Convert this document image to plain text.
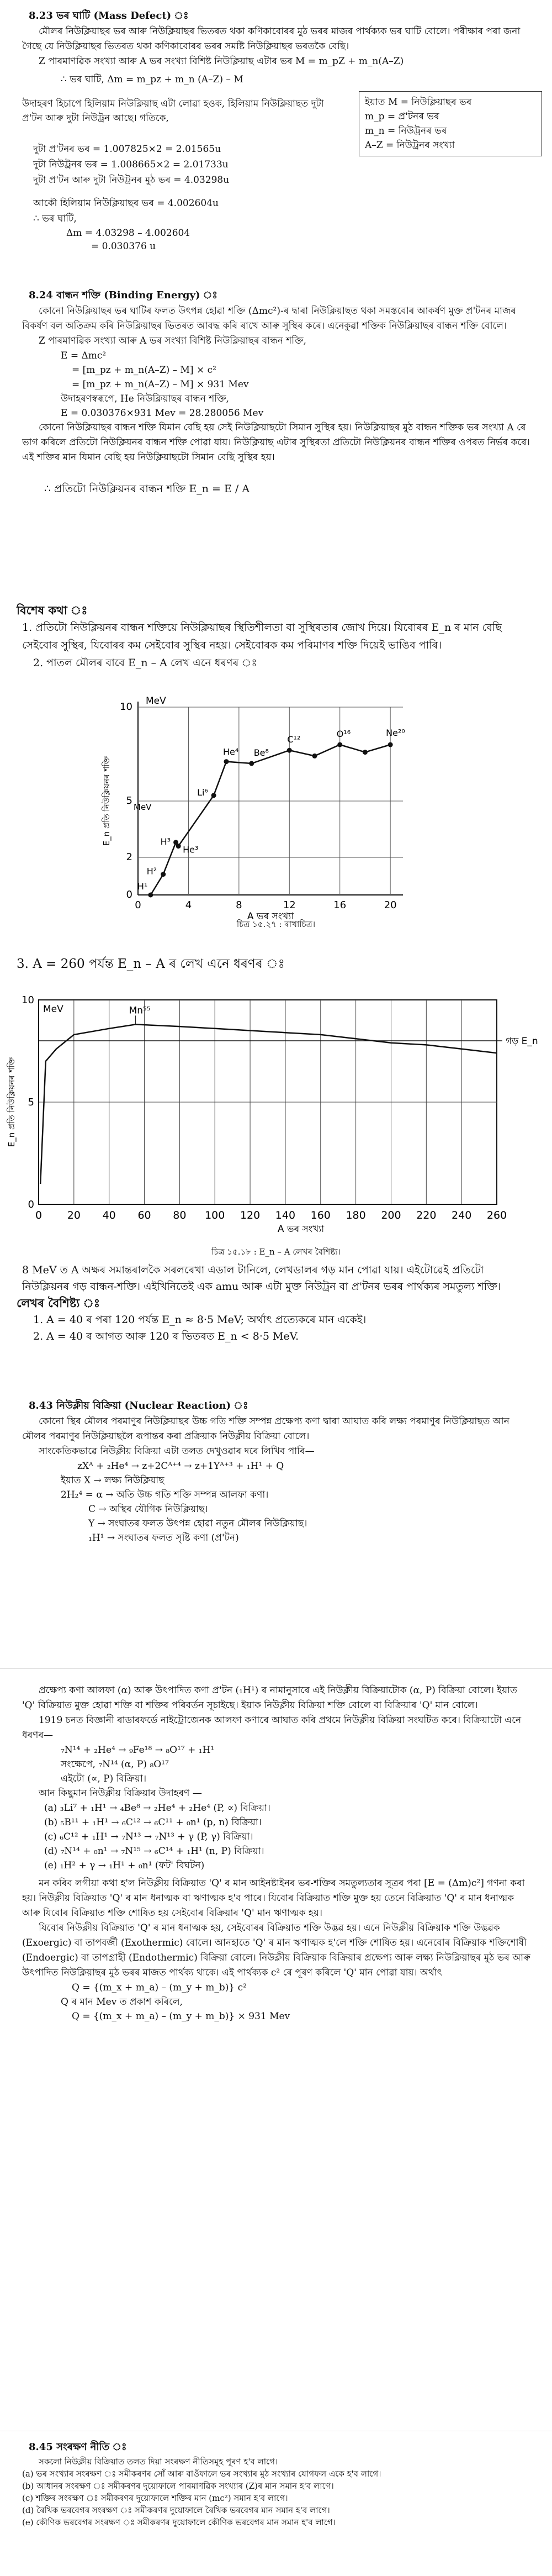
8.23 ভৰ ঘাটি (Mass Defect) ঃ

মৌলৰ নিউক্লিয়াছৰ ভৰ আৰু নিউক্লিয়াছৰ ভিতৰত থকা কণিকাবোৰৰ মুঠ ভৰৰ মাজৰ পাৰ্থক্যক ভৰ ঘাটি বোলে। পৰীক্ষাৰ পৰা জনা গৈছে যে নিউক্লিয়াছৰ ভিতৰত থকা কণিকাবোৰৰ ভৰৰ সমষ্টি নিউক্লিয়াছৰ ভৰতকৈ বেছি।

Z পাৰমাণৱিক সংখ্যা আৰু A ভৰ সংখ্যা বিশিষ্ট নিউক্লিয়াছ এটাৰ ভৰ M = m_pZ + m_n(A–Z)

∴ ভৰ ঘাটি, Δm = m_pz + m_n (A–Z) – M

ইয়াত M = নিউক্লিয়াছৰ ভৰ
m_p = প্ৰ'টনৰ ভৰ
m_n = নিউট্ৰনৰ ভৰ
A–Z = নিউট্ৰনৰ সংখ্যা

উদাহৰণ হিচাপে হিলিয়াম নিউক্লিয়াছ এটা লোৱা হওক, হিলিয়াম নিউক্লিয়াছত দুটা প্ৰ'টন আৰু দুটা নিউট্ৰন আছে। গতিকে,

দুটা প্ৰ'টনৰ ভৰ = 1.007825×2 = 2.01565u

দুটা নিউট্ৰনৰ ভৰ = 1.008665×2 = 2.01733u

দুটা প্ৰ'টন আৰু দুটা নিউট্ৰনৰ মুঠ ভৰ = 4.03298u

আকৌ হিলিয়াম নিউক্লিয়াছৰ ভৰ = 4.002604u

∴ ভৰ ঘাটি,

Δm = 4.03298 – 4.002604

= 0.030376 u

8.24 বান্ধন শক্তি (Binding Energy) ঃ

কোনো নিউক্লিয়াছৰ ভৰ ঘাটিৰ ফলত উৎপন্ন হোৱা শক্তি (Δmc²)-ৰ দ্বাৰা নিউক্লিয়াছত থকা সমস্তবোৰ আকৰ্ষণ মুক্ত প্ৰ'টনৰ মাজৰ বিকৰ্ষণ বল অতিক্ৰম কৰি নিউক্লিয়াছৰ ভিতৰত আবদ্ধ কৰি ৰাখে আৰু সুস্থিৰ কৰে। এনেকুৱা শক্তিক নিউক্লিয়াছৰ বান্ধন শক্তি বোলে।

Z পাৰমাণৱিক সংখ্যা আৰু A ভৰ সংখ্যা বিশিষ্ট নিউক্লিয়াছৰ বান্ধন শক্তি,

E = Δmc²

= [m_pz + m_n(A–Z) – M] × c²

= [m_pz + m_n(A–Z) – M] × 931 Mev

উদাহৰণস্বৰূপে, He নিউক্লিয়াছৰ বান্ধন শক্তি,

E = 0.030376×931 Mev = 28.280056 Mev

কোনো নিউক্লিয়াছৰ বান্ধন শক্তি যিমান বেছি হয় সেই নিউক্লিয়াছটো সিমান সুস্থিৰ হয়। নিউক্লিয়াছৰ মুঠ বান্ধন শক্তিক ভৰ সংখ্যা A ৰে ভাগ কৰিলে প্ৰতিটো নিউক্লিয়নৰ বান্ধন শক্তি পোৱা যায়। নিউক্লিয়াছ এটাৰ সুস্থিৰতা প্ৰতিটো নিউক্লিয়নৰ বান্ধন শক্তিৰ ওপৰত নিৰ্ভৰ কৰে। এই শক্তিৰ মান যিমান বেছি হয় নিউক্লিয়াছটো সিমান বেছি সুস্থিৰ হয়।

∴ প্ৰতিটো নিউক্লিয়নৰ বান্ধন শক্তি E_n = E / A

বিশেষ কথা ঃ

1. প্ৰতিটো নিউক্লিয়নৰ বান্ধন শক্তিয়ে নিউক্লিয়াছৰ স্থিতিশীলতা বা সুস্থিৰতাৰ জোখ দিয়ে। যিবোৰৰ E_n ৰ মান বেছি সেইবোৰ সুস্থিৰ, যিবোৰৰ কম সেইবোৰ সুস্থিৰ নহয়। সেইবোৰক কম পৰিমাণৰ শক্তি দিয়েই ভাঙিব পাৰি।

2. পাতল মৌলৰ বাবে E_n – A লেখ এনে ধৰণৰ ঃ

10
5
2
0
0	4	8	12	16	20
MeV
MeV
A ভৰ সংখ্যা
E_n প্ৰতি নিউক্লিয়নৰ শক্তি
H¹
H²
H³
He³
Li⁶
He⁴ Be⁸
C¹²
O¹⁶	Ne²⁰
চিত্ৰ ১৫.২৭ : ৰাখাচিত্ৰ।

3. A = 260 পৰ্যন্ত E_n – A ৰ লেখ এনে ধৰণৰ ঃ

10
5
0
0 20 40 60 80 100 120 140 160 180 200 220 240 260
MeV
A ভৰ সংখ্যা
E_n প্ৰতি নিউক্লিয়নৰ শক্তি
গড় E_n
Mn⁵⁵
চিত্ৰ ১৫.১৮ : E_n – A লেখৰ বৈশিষ্ট্য।

8 MeV ত A অক্ষৰ সমান্তৰালকৈ সৰলৰেখা এডাল টানিলে, লেখডালৰ গড় মান পোৱা যায়। এইটোৱেই প্ৰতিটো নিউক্লিয়নৰ গড় বান্ধন-শক্তি। এইখিনিতেই এক amu আৰু এটা মুক্ত নিউট্ৰন বা প্ৰ'টনৰ ভৰৰ পাৰ্থক্যৰ সমতুল্য শক্তি।

লেখৰ বৈশিষ্ট্য ঃ

1. A = 40 ৰ পৰা 120 পৰ্যন্ত E_n ≈ 8·5 MeV; অৰ্থাৎ প্ৰত্যেকৰে মান একেই।

2. A = 40 ৰ আগত আৰু 120 ৰ ভিতৰত E_n < 8·5 MeV.

8.43 নিউক্লীয় বিক্ৰিয়া (Nuclear Reaction) ঃ

কোনো স্থিৰ মৌলৰ পৰমাণুৰ নিউক্লিয়াছৰ উচ্চ গতি শক্তি সম্পন্ন প্ৰক্ষেপ্য কণা দ্বাৰা আঘাত কৰি লক্ষ্য পৰমাণুৰ নিউক্লিয়াছত আন মৌলৰ পৰমাণুৰ নিউক্লিয়াছলৈ ৰূপান্তৰ কৰা প্ৰক্ৰিয়াক নিউক্লীয় বিক্ৰিয়া বোলে।

সাংকেতিকভাৱে নিউক্লীয় বিক্ৰিয়া এটা তলত দেখুওৱাৰ দৰে লিখিব পাৰি—

zXᴬ + ₂He⁴ → z+2Cᴬ⁺⁴ → z+1Yᴬ⁺³ + ₁H¹ + Q

ইয়াত X → লক্ষ্য নিউক্লিয়াছ

2H₂⁴ = α → অতি উচ্চ গতি শক্তি সম্পন্ন আলফা কণা।

C → অস্থিৰ যৌগিক নিউক্লিয়াছ।

Y → সংঘাতৰ ফলত উৎপন্ন হোৱা নতুন মৌলৰ নিউক্লিয়াছ।

₁H¹ → সংঘাতৰ ফলত সৃষ্টি কণা (প্ৰ'টন)

প্ৰক্ষেপ্য কণা আলফা (α) আৰু উৎপাদিত কণা প্ৰ'টন (₁H¹) ৰ নামানুসাৰে এই নিউক্লীয় বিক্ৰিয়াটোক (α, P) বিক্ৰিয়া বোলে। ইয়াত 'Q' বিক্ৰিয়াত মুক্ত হোৱা শক্তি বা শক্তিৰ পৰিবৰ্তন সূচাইছে। ইয়াক নিউক্লীয় বিক্ৰিয়া শক্তি বোলে বা বিক্ৰিয়াৰ 'Q' মান বোলে।

1919 চনত বিজ্ঞানী ৰাডাৰফৰ্ডে নাইট্ৰোজেনক আলফা কণাৰে আঘাত কৰি প্ৰথমে নিউক্লীয় বিক্ৰিয়া সংঘটিত কৰে। বিক্ৰিয়াটো এনে ধৰণৰ—

₇N¹⁴ + ₂He⁴ → ₉Fe¹⁸ → ₈O¹⁷ + ₁H¹

সংক্ষেপে, ₇N¹⁴ (α, P) ₈O¹⁷

এইটো (∝, P) বিক্ৰিয়া।

আন কিছুমান নিউক্লীয় বিক্ৰিয়াৰ উদাহৰণ —

(a) ₃Li⁷ + ₁H¹ → ₄Be⁸ → ₂He⁴ + ₂He⁴ (P, ∝) বিক্ৰিয়া।

(b) ₅B¹¹ + ₁H¹ → ₆C¹² → ₆C¹¹ + ₀n¹ (p, n) বিক্ৰিয়া।

(c) ₆C¹² + ₁H¹ → ₇N¹³ → ₇N¹³ + γ (P, γ) বিক্ৰিয়া।

(d) ₇N¹⁴ + ₀n¹ → ₇N¹⁵ → ₆C¹⁴ + ₁H¹ (n, P) বিক্ৰিয়া।

(e) ₁H² + γ → ₁H¹ + ₀n¹ (ফট' বিঘটন)

মন কৰিব লগীয়া কথা হ'ল নিউক্লীয় বিক্ৰিয়াত 'Q' ৰ মান আইনষ্টাইনৰ ভৰ-শক্তিৰ সমতুল্যতাৰ সূত্ৰৰ পৰা [E = (Δm)c²] গণনা কৰা হয়। নিউক্লীয় বিক্ৰিয়াত 'Q' ৰ মান ধনাত্মক বা ঋণাত্মক হ'ব পাৰে। যিবোৰ বিক্ৰিয়াত শক্তি মুক্ত হয় তেনে বিক্ৰিয়াত 'Q' ৰ মান ধনাত্মক আৰু যিবোৰ বিক্ৰিয়াত শক্তি শোষিত হয় সেইবোৰ বিক্ৰিয়াৰ 'Q' মান ঋণাত্মক হয়।

যিবোৰ নিউক্লীয় বিক্ৰিয়াত 'Q' ৰ মান ধনাত্মক হয়, সেইবোৰৰ বিক্ৰিয়াত শক্তি উদ্ভৱ হয়। এনে নিউক্লীয় বিক্ৰিয়াক শক্তি উদ্ভৱক (Exoergic) বা তাপবৰ্জী (Exothermic) বোলে। আনহাতে 'Q' ৰ মান ঋণাত্মক হ'লে শক্তি শোষিত হয়। এনেবোৰ বিক্ৰিয়াক শক্তিশোষী (Endoergic) বা তাপগ্ৰাহী (Endothermic) বিক্ৰিয়া বোলে। নিউক্লীয় বিক্ৰিয়াক বিক্ৰিয়াৰ প্ৰক্ষেপ্য আৰু লক্ষ্য নিউক্লিয়াছৰ মুঠ ভৰ আৰু উৎপাদিত নিউক্লিয়াছৰ মুঠ ভৰৰ মাজত পাৰ্থক্য থাকে। এই পাৰ্থক্যক c² ৰে পূৰণ কৰিলে 'Q' মান পোৱা যায়। অৰ্থাৎ

Q = {(m_x + m_a) – (m_y + m_b)} c²

Q ৰ মান Mev ত প্ৰকাশ কৰিলে,

Q = {(m_x + m_a) – (m_y + m_b)} × 931 Mev

8.45 সংৰক্ষণ নীতি ঃ

সকলো নিউক্লীয় বিক্ৰিয়াত তলত দিয়া সংৰক্ষণ নীতিসমূহ পূৰণ হ'ব লাগে।

(a) ভৰ সংখ্যাৰ সংৰক্ষণ ঃ সমীকৰণৰ সোঁ আৰু বাওঁফালে ভৰ সংখ্যাৰ মুঠ সংখ্যাৰ যোগফল একে হ'ব লাগে।

(b) আধানৰ সংৰক্ষণ ঃ সমীকৰণৰ দুয়োফালে পাৰমাণৱিক সংখ্যাৰ (Z)ৰ মান সমান হ'ব লাগে।

(c) শক্তিৰ সংৰক্ষণ ঃ সমীকৰণৰ দুয়োফালে শক্তিৰ মান (mc²) সমান হ'ব লাগে।

(d) ৰৈখিক ভৰবেগৰ সংৰক্ষণ ঃ সমীকৰণৰ দুয়োফালে ৰৈখিক ভৰবেগৰ মান সমান হ'ব লাগে।

(e) কৌণিক ভৰবেগৰ সংৰক্ষণ ঃ সমীকৰণৰ দুয়োফালে কৌণিক ভৰবেগৰ মান সমান হ'ব লাগে।
